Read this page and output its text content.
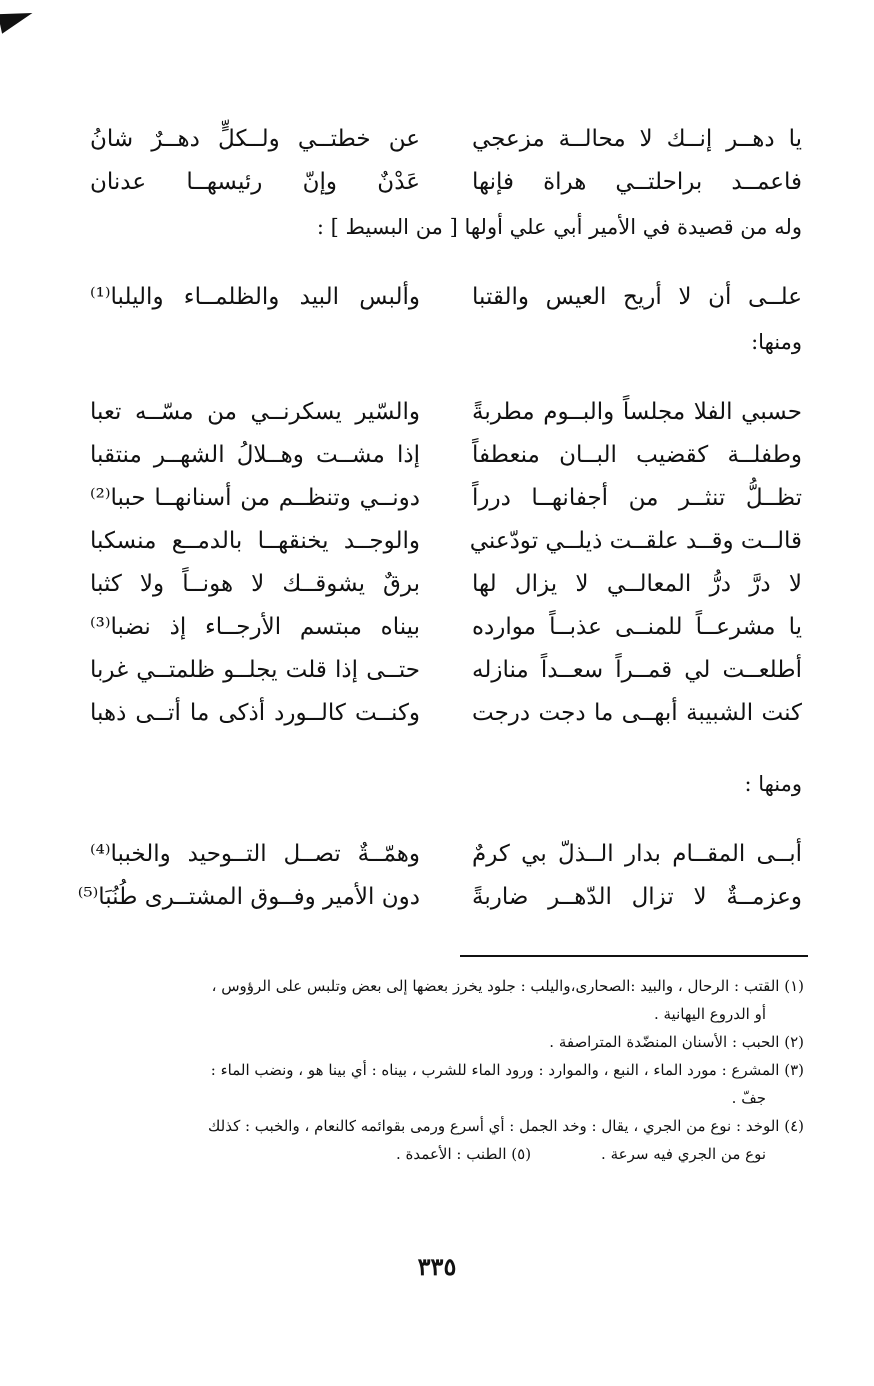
يا دهــر إنــك لا محالــة مزعجي
عن خطتــي ولــكلٍّ دهــرٌ شانُ
فاعمــد براحلتــي هراة فإنها
عَدْنٌ وإنّ رئيسهــا عدنان
وله من قصيدة في الأمير أبي علي أولها [ من البسيط ] :
علــى أن لا أريح العيس والقتبا
وألبس البيد والظلمــاء واليلبا⁽¹⁾
ومنها:
حسبي الفلا مجلساً والبــوم مطربةً
والسّير يسكرنــي من مسّــه تعبا
وطفلــة كقضيب البــان منعطفاً
إذا مشــت وهــلالُ الشهــر منتقبا
تظــلُّ تنثــر من أجفانهــا درراً
دونــي وتنظــم من أسنانهــا حببا⁽²⁾
قالــت وقــد علقــت ذيلــي تودّعني
والوجــد يخنقهــا بالدمــع منسكبا
لا درَّ درُّ المعالــي لا يزال لها
برقٌ يشوقــك لا هونــاً ولا كثبا
يا مشرعــاً للمنــى عذبــاً موارده
بيناه مبتسم الأرجــاء إذ نضبا⁽³⁾
أطلعــت لي قمــراً سعــداً منازله
حتــى إذا قلت يجلــو ظلمتــي غربا
كنت الشبيبة أبهــى ما دجت درجت
وكنــت كالــورد أذكى ما أتــى ذهبا
ومنها :
أبــى المقــام بدار الــذلّ بي كرمٌ
وهمّــةٌ تصــل التــوحيد والخببا⁽⁴⁾
وعزمــةٌ لا تزال الدّهــر ضاربةً
دون الأمير وفــوق المشتــرى طُنُبَا⁽⁵⁾

(١) القتب : الرحال ، والبيد :الصحارى،واليلب : جلود يخرز بعضها إلى بعض وتلبس على الرؤوس ،

أو الدروع اليهانية .

(٢) الحبب : الأسنان المنضّدة المتراصفة .

(٣) المشرع : مورد الماء ، النبع ، والموارد : ورود الماء للشرب ، بيناه : أي بينا هو ، ونضب الماء :

جفّ .

(٤) الوخد : نوع من الجري ، يقال : وخد الجمل : أي أسرع ورمى بقوائمه كالنعام ، والخبب : كذلك

نوع من الجري فيه سرعة .
(٥) الطنب : الأعمدة .
٣٣٥
